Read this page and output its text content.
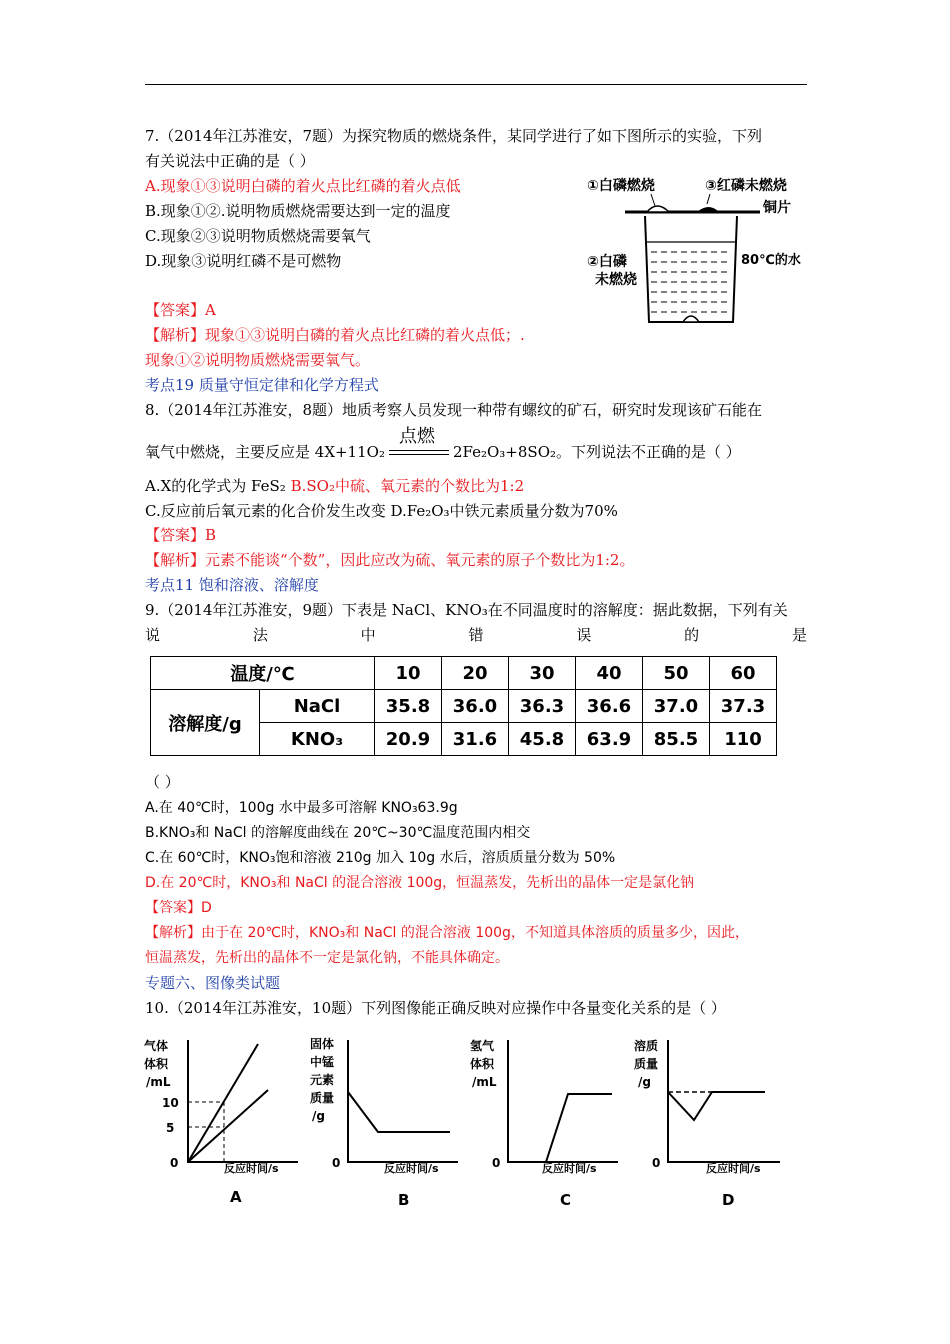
7.（2014年江苏淮安，7题）为探究物质的燃烧条件，某同学进行了如下图所示的实验，下列
有关说法中正确的是（ ）
A.现象①③说明白磷的着火点比红磷的着火点低
B.现象①②.说明物质燃烧需要达到一定的温度
C.现象②③说明物质燃烧需要氧气
D.现象③说明红磷不是可燃物
【答案】A
【解析】现象①③说明白磷的着火点比红磷的着火点低；.
现象①②说明物质燃烧需要氧气。
①白磷燃烧	③红磷未燃烧
铜片
②白磷
未燃烧
80℃的水
考点19 质量守恒定律和化学方程式
8.（2014年江苏淮安，8题）地质考察人员发现一种带有螺纹的矿石，研究时发现该矿石能在
氧气中燃烧，主要反应是 4X+11O₂
点燃
2Fe₂O₃+8SO₂。下列说法不正确的是（ ）
A.X的化学式为 FeS₂ B.SO₂中硫、氧元素的个数比为1:2
C.反应前后氧元素的化合价发生改变 D.Fe₂O₃中铁元素质量分数为70%
【答案】B
【解析】元素不能谈“个数”，因此应改为硫、氧元素的原子个数比为1:2。
考点11 饱和溶液、溶解度
9.（2014年江苏淮安，9题）下表是 NaCl、KNO₃在不同温度时的溶解度：据此数据，下列有关
说	法	中	错	误	的	是
温度/℃		10	20	30	40	50	60
溶解度/g	NaCl	35.8	36.0	36.3	36.6	37.0	37.3
	KNO₃	20.9	31.6	45.8	63.9	85.5	110
（ ）
A.在 40℃时，100g 水中最多可溶解 KNO₃63.9g
B.KNO₃和 NaCl 的溶解度曲线在 20℃~30℃温度范围内相交
C.在 60℃时，KNO₃饱和溶液 210g 加入 10g 水后，溶质质量分数为 50%
D.在 20℃时，KNO₃和 NaCl 的混合溶液 100g，恒温蒸发，先析出的晶体一定是氯化钠
【答案】D
【解析】由于在 20℃时，KNO₃和 NaCl 的混合溶液 100g，不知道具体溶质的质量多少，因此，
恒温蒸发，先析出的晶体不一定是氯化钠，不能具体确定。
专题六、图像类试题
10.（2014年江苏淮安，10题）下列图像能正确反映对应操作中各量变化关系的是（ ）
气体
体积
/mL
10
5
0	反应时间/s
A
固体
中锰
元素
质量
/g
0	反应时间/s
B
氢气
体积
/mL
0	反应时间/s
C
溶质
质量
/g
0	反应时间/s
D
